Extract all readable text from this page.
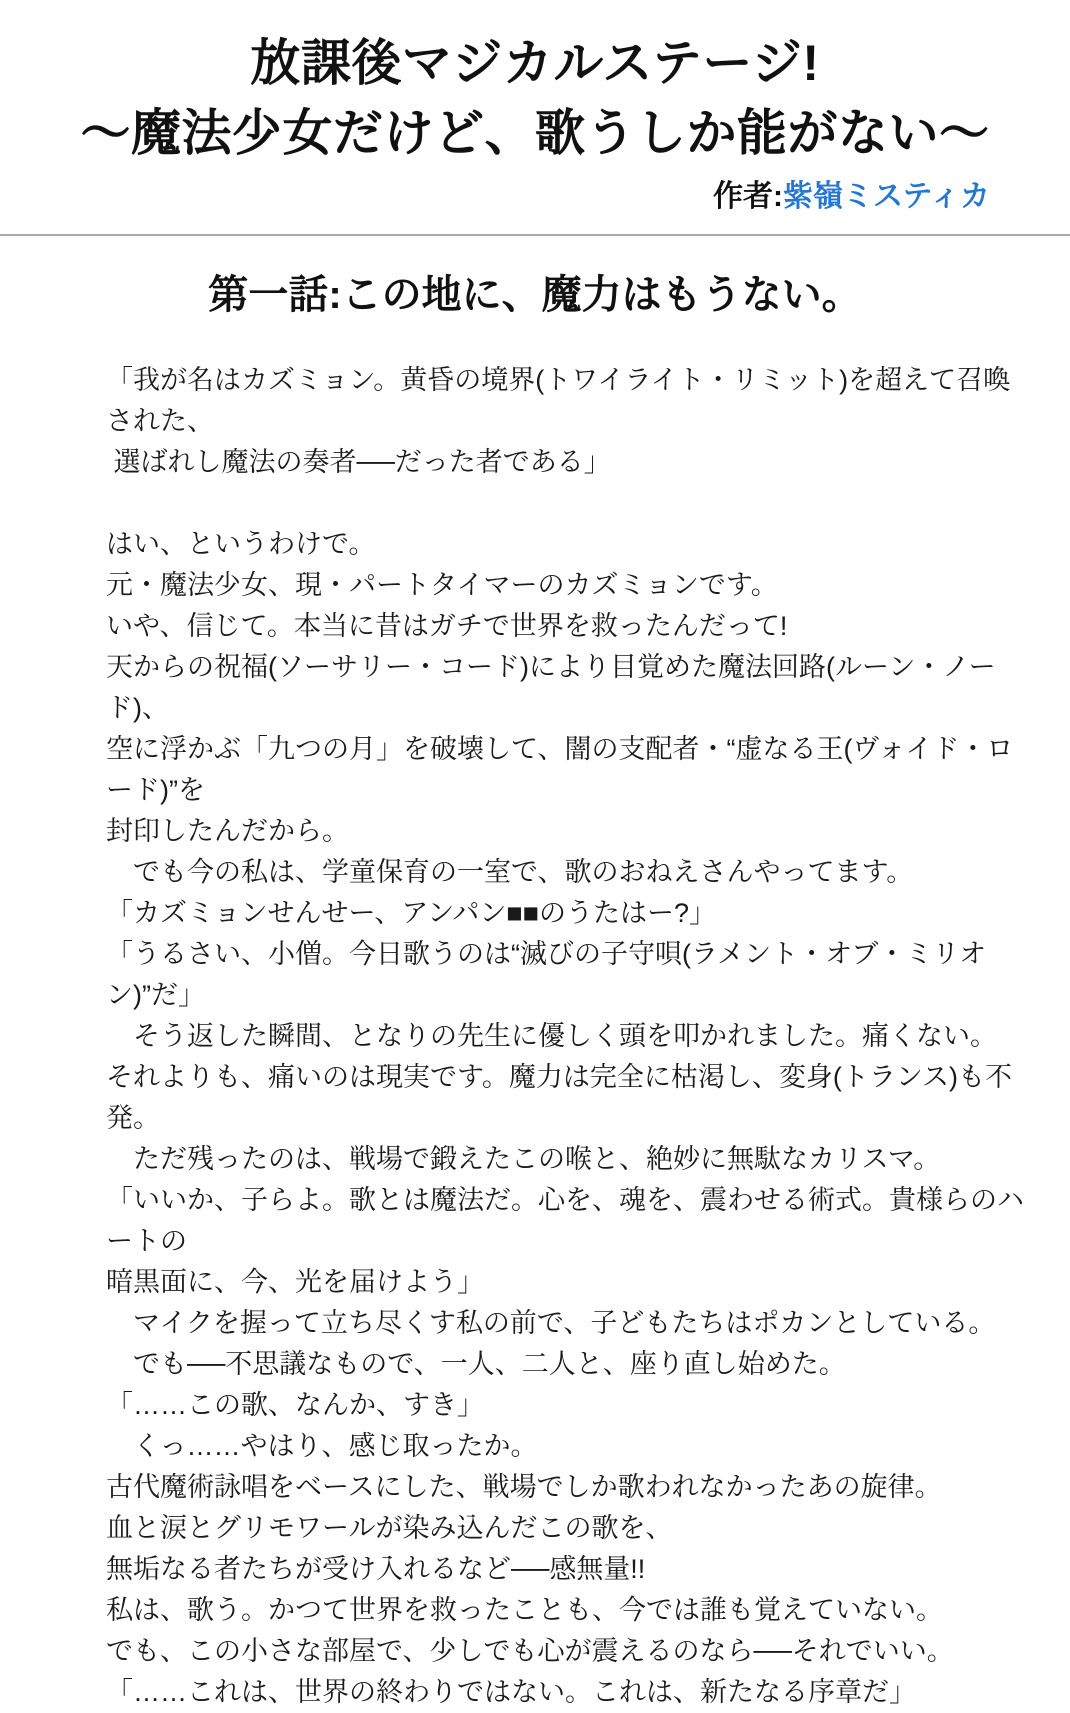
放課後マジカルステージ!
〜魔法少女だけど、歌うしか能がない〜
作者:紫嶺ミスティカ
第一話:この地に、魔力はもうない。
「我が名はカズミョン。黄昏の境界(トワイライト・リミット)を超えて召喚された、
選ばれし魔法の奏者──だった者である」
はい、というわけで。
元・魔法少女、現・パートタイマーのカズミョンです。
いや、信じて。本当に昔はガチで世界を救ったんだって!
天からの祝福(ソーサリー・コード)により目覚めた魔法回路(ルーン・ノード)、
空に浮かぶ「九つの月」を破壊して、闇の支配者・“虚なる王(ヴォイド・ロード)”を
封印したんだから。
　でも今の私は、学童保育の一室で、歌のおねえさんやってます。
「カズミョンせんせー、アンパン■■のうたはー?」
「うるさい、小僧。今日歌うのは“滅びの子守唄(ラメント・オブ・ミリオン)”だ」
　そう返した瞬間、となりの先生に優しく頭を叩かれました。痛くない。
それよりも、痛いのは現実です。魔力は完全に枯渇し、変身(トランス)も不発。
　ただ残ったのは、戦場で鍛えたこの喉と、絶妙に無駄なカリスマ。
「いいか、子らよ。歌とは魔法だ。心を、魂を、震わせる術式。貴様らのハートの
暗黒面に、今、光を届けよう」
　マイクを握って立ち尽くす私の前で、子どもたちはポカンとしている。
　でも──不思議なもので、一人、二人と、座り直し始めた。
「……この歌、なんか、すき」
　くっ……やはり、感じ取ったか。
古代魔術詠唱をベースにした、戦場でしか歌われなかったあの旋律。
血と涙とグリモワールが染み込んだこの歌を、
無垢なる者たちが受け入れるなど──感無量!!
私は、歌う。かつて世界を救ったことも、今では誰も覚えていない。
でも、この小さな部屋で、少しでも心が震えるのなら──それでいい。
「……これは、世界の終わりではない。これは、新たなる序章だ」
